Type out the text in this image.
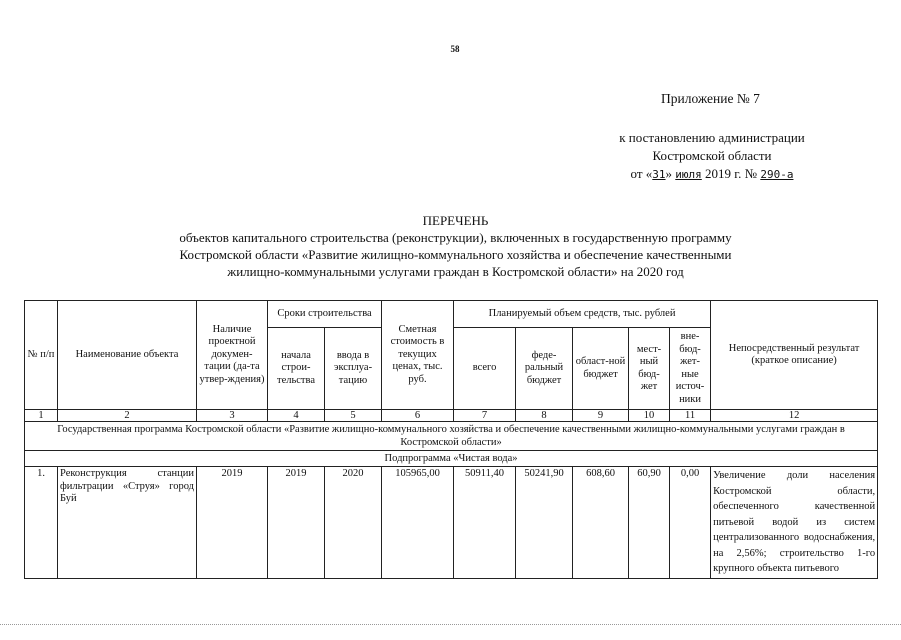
58
Приложение № 7
к постановлению администрации
Костромской области
от «31» июля 2019 г. № 290-а
ПЕРЕЧЕНЬ
объектов капитального строительства (реконструкции), включенных в государственную программу
Костромской области «Развитие жилищно-коммунального хозяйства и обеспечение качественными
жилищно-коммунальными услугами граждан в Костромской области» на 2020 год
№ п/п	Наименование объекта	Наличие проектной докумен-тации (да-та утвер-ждения)	Сроки строительства		Сметная стоимость в текущих ценах, тыс. руб.	Планируемый объем средств, тыс. рублей					Непосредственный результат (краткое описание)
			начала строи-тельства	ввода в эксплуа-тацию		всего	феде-ральный бюджет	област-ной бюджет	мест-ный бюд-жет	вне-бюд-жет-ные источ-ники	
1	2	3	4	5	6	7	8	9	10	11	12
Государственная программа Костромской области «Развитие жилищно-коммунального хозяйства и обеспечение качественными жилищно-коммунальными услугами граждан в Костромской области»											
Подпрограмма «Чистая вода»											
1.	Реконструкция станции фильтрации «Струя» город Буй	2019	2019	2020	105965,00	50911,40	50241,90	608,60	60,90	0,00	Увеличение доли населения Костромской области, обеспеченного качественной питьевой водой из систем централизованного водоснабжения, на 2,56%; строительство 1-го крупного объекта питьевого
